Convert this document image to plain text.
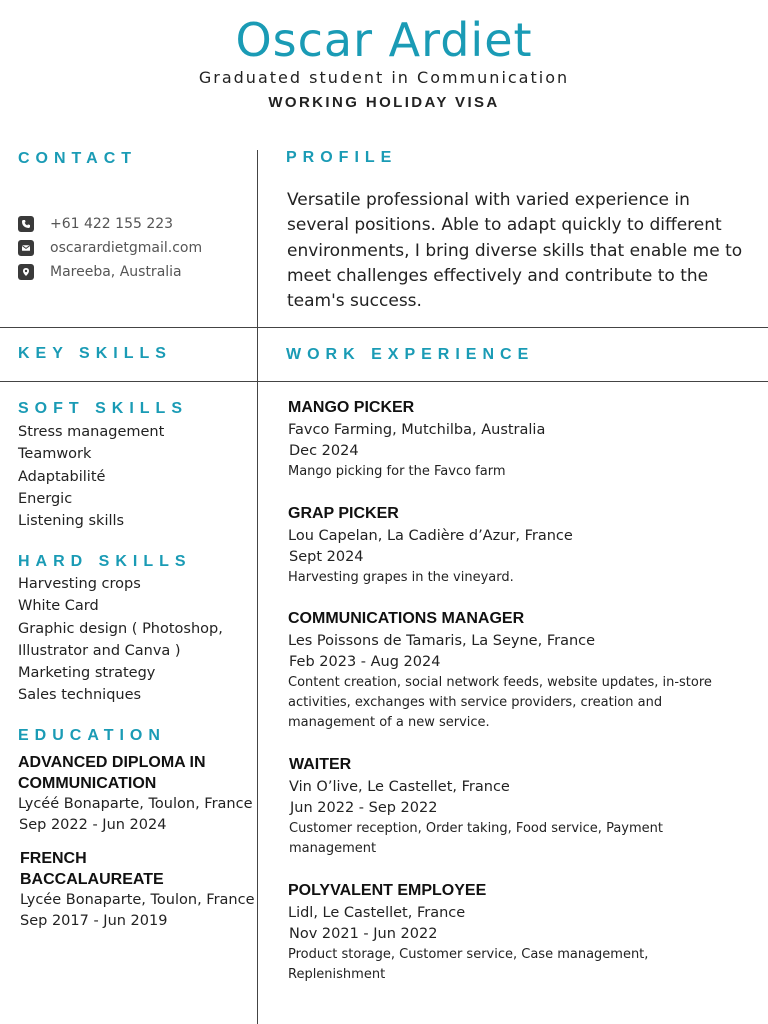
Oscar Ardiet
Graduated student in Communication
WORKING HOLIDAY VISA
CONTACT
+61 422 155 223
oscarardietgmail.com
Mareeba, Australia
PROFILE
Versatile professional with varied experience in several positions. Able to adapt quickly to different environments, I bring diverse skills that enable me to meet challenges effectively and contribute to the team's success.
KEY SKILLS	WORK EXPERIENCE
SOFT SKILLS
Stress management
Teamwork
Adaptabilité
Energic
Listening skills
HARD SKILLS
Harvesting crops
White Card
Graphic design ( Photoshop,
Illustrator and Canva )
Marketing strategy
Sales techniques
EDUCATION
ADVANCED DIPLOMA IN
COMMUNICATION
Lycéé Bonaparte, Toulon, France
Sep 2022 - Jun 2024
FRENCH
BACCALAUREATE
Lycée Bonaparte, Toulon, France
Sep 2017 - Jun 2019
MANGO PICKER
Favco Farming, Mutchilba, Australia
Dec 2024
Mango picking for the Favco farm
GRAP PICKER
Lou Capelan, La Cadière d’Azur, France
Sept 2024
Harvesting grapes in the vineyard.
COMMUNICATIONS MANAGER
Les Poissons de Tamaris, La Seyne, France
Feb 2023 - Aug 2024
Content creation, social network feeds, website updates, in-store activities, exchanges with service providers, creation and management of a new service.
WAITER
Vin O’live, Le Castellet, France
Jun 2022 - Sep 2022
Customer reception, Order taking, Food service, Payment management
POLYVALENT EMPLOYEE
Lidl, Le Castellet, France
Nov 2021 - Jun 2022
Product storage, Customer service, Case management, Replenishment
